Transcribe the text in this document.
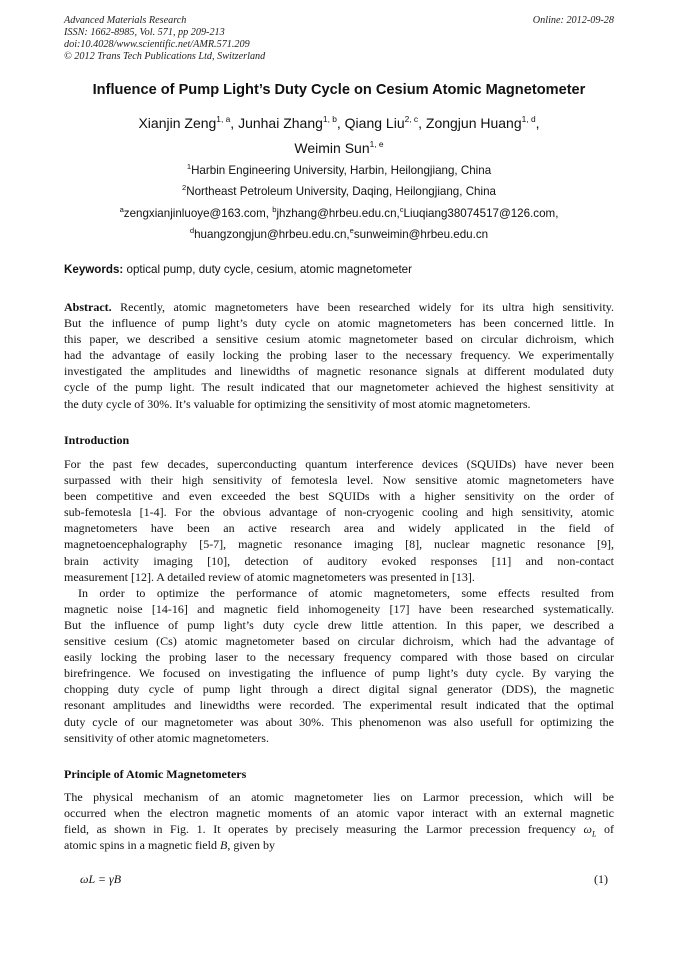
Advanced Materials Research
ISSN: 1662-8985, Vol. 571, pp 209-213
doi:10.4028/www.scientific.net/AMR.571.209
© 2012 Trans Tech Publications Ltd, Switzerland
Online: 2012-09-28
Influence of Pump Light’s Duty Cycle on Cesium Atomic Magnetometer
Xianjin Zeng$^{1, a}$, Junhai Zhang$^{1, b}$, Qiang Liu$^{2, c}$, Zongjun Huang$^{1, d}$,
Weimin Sun$^{1, e}$
$^1$Harbin Engineering University, Harbin, Heilongjiang, China
$^2$Northeast Petroleum University, Daqing, Heilongjiang, China
$^a$zengxianjinluoye@163.com, $^b$jhzhang@hrbeu.edu.cn,$^c$Liuqiang38074517@126.com,
$^d$huangzongjun@hrbeu.edu.cn,$^e$sunweimin@hrbeu.edu.cn
Keywords: optical pump, duty cycle, cesium, atomic magnetometer
Abstract. Recently, atomic magnetometers have been researched widely for its ultra high sensitivity.
But the influence of pump light’s duty cycle on atomic magnetometers has been concerned little. In
this paper, we described a sensitive cesium atomic magnetometer based on circular dichroism, which
had the advantage of easily locking the probing laser to the necessary frequency. We experimentally
investigated the amplitudes and linewidths of magnetic resonance signals at different modulated duty
cycle of the pump light. The result indicated that our magnetometer achieved the highest sensitivity at
the duty cycle of 30%. It’s valuable for optimizing the sensitivity of most atomic magnetometers.
Introduction
For the past few decades, superconducting quantum interference devices (SQUIDs) have never been
surpassed with their high sensitivity of femotesla level. Now sensitive atomic magnetometers have
been competitive and even exceeded the best SQUIDs with a higher sensitivity on the order of
sub-femotesla [1-4]. For the obvious advantage of non-cryogenic cooling and high sensitivity, atomic
magnetometers have been an active research area and widely applicated in the field of
magnetoencephalography [5-7], magnetic resonance imaging [8], nuclear magnetic resonance [9],
brain activity imaging [10], detection of auditory evoked responses [11] and non-contact
measurement [12]. A detailed review of atomic magnetometers was presented in [13].
In order to optimize the performance of atomic magnetometers, some effects resulted from
magnetic noise [14-16] and magnetic field inhomogeneity [17] have been researched systematically.
But the influence of pump light’s duty cycle drew little attention. In this paper, we described a
sensitive cesium (Cs) atomic magnetometer based on circular dichroism, which had the advantage of
easily locking the probing laser to the necessary frequency compared with those based on circular
birefringence. We focused on investigating the influence of pump light’s duty cycle. By varying the
chopping duty cycle of pump light through a direct digital signal generator (DDS), the magnetic
resonant amplitudes and linewidths were recorded. The experimental result indicated that the optimal
duty cycle of our magnetometer was about 30%. This phenomenon was also usefull for optimizing the
sensitivity of other atomic magnetometers.
Principle of Atomic Magnetometers
The physical mechanism of an atomic magnetometer lies on Larmor precession, which will be
occurred when the electron magnetic moments of an atomic vapor interact with an external magnetic
field, as shown in Fig. 1. It operates by precisely measuring the Larmor precession frequency $\omega_L$ of
atomic spins in a magnetic field B, given by
ωL = γB	(1)
